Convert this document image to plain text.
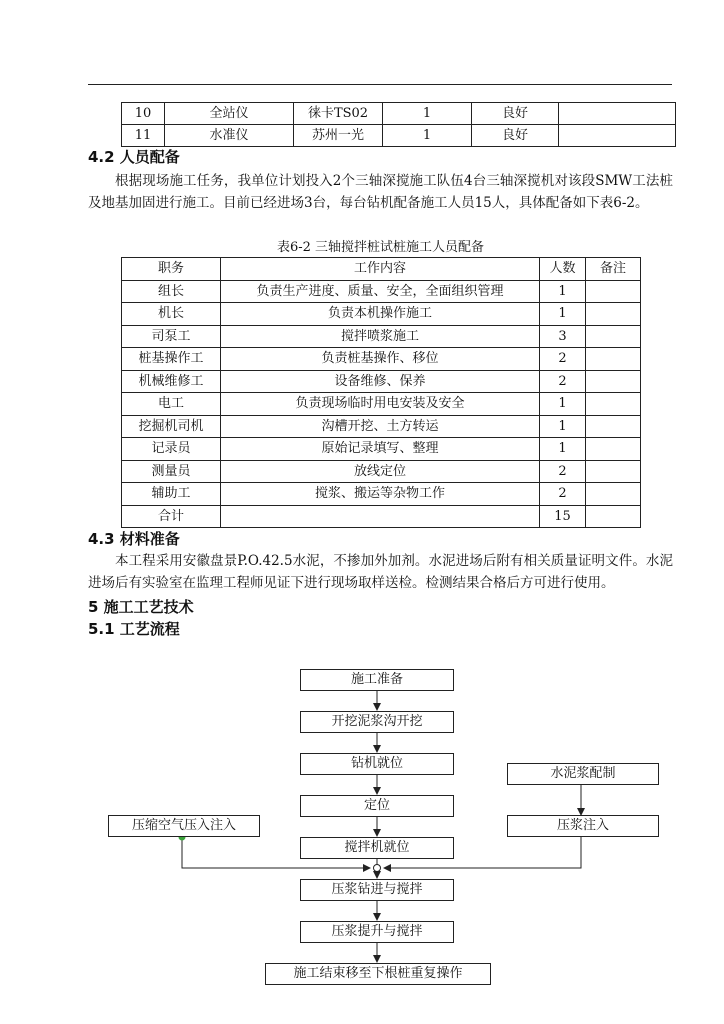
10	全站仪	徕卡TS02	1	良好	
11	水准仪	苏州一光	1	良好	
4.2 人员配备
根据现场施工任务，我单位计划投入2个三轴深搅施工队伍4台三轴深搅机对该段SMW工法桩及地基加固进行施工。目前已经进场3台，每台钻机配备施工人员15人，具体配备如下表6-2。
表6-2 三轴搅拌桩试桩施工人员配备
职务	工作内容	人数	备注
组长	负责生产进度、质量、安全，全面组织管理	1	
机长	负责本机操作施工	1	
司泵工	搅拌喷浆施工	3	
桩基操作工	负责桩基操作、移位	2	
机械维修工	设备维修、保养	2	
电工	负责现场临时用电安装及安全	1	
挖掘机司机	沟槽开挖、土方转运	1	
记录员	原始记录填写、整理	1	
测量员	放线定位	2	
辅助工	搅浆、搬运等杂物工作	2	
合计		15	
4.3 材料准备
本工程采用安徽盘景P.O.42.5水泥，不掺加外加剂。水泥进场后附有相关质量证明文件。水泥进场后有实验室在监理工程师见证下进行现场取样送检。检测结果合格后方可进行使用。
5 施工工艺技术
5.1 工艺流程
施工准备
开挖泥浆沟开挖
钻机就位
定位
搅拌机就位
压浆钻进与搅拌
压浆提升与搅拌
施工结束移至下根桩重复操作
压缩空气压入注入
水泥浆配制
压浆注入
